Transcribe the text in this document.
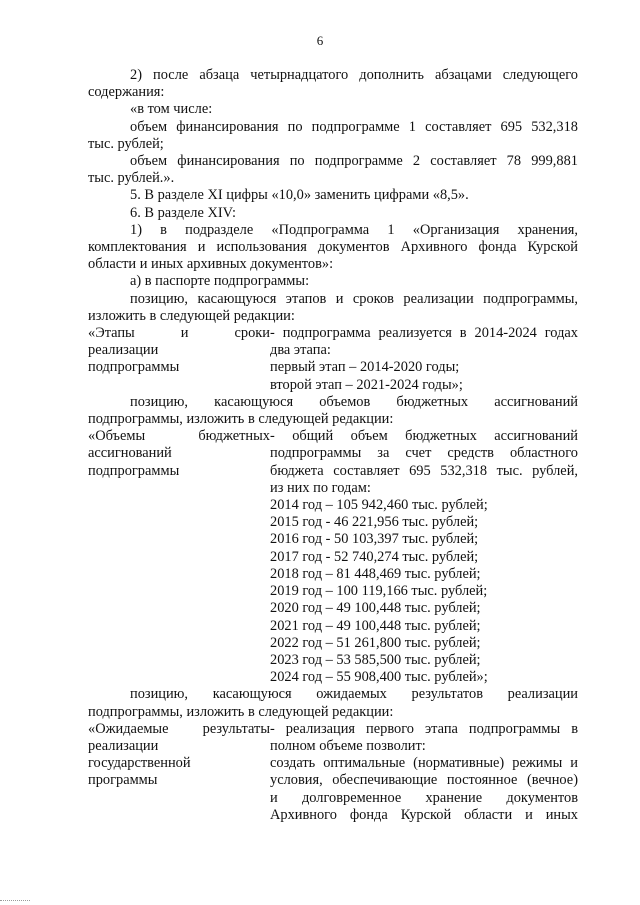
6

2) после абзаца четырнадцатого дополнить абзацами следующего

содержания:

«в том числе:

объем финансирования по подпрограмме 1 составляет 695 532,318

тыс. рублей;

объем финансирования по подпрограмме 2 составляет 78 999,881

тыс. рублей.».

5. В разделе XI цифры «10,0» заменить цифрами «8,5».

6. В разделе XIV:

1) в подразделе «Подпрограмма 1 «Организация хранения,

комплектования и использования документов Архивного фонда Курской

области и иных архивных документов»:

а) в паспорте подпрограммы:

позицию, касающуюся этапов и сроков реализации подпрограммы,

изложить в следующей редакции:

«Этапы и сроки

реализации

подпрограммы

- подпрограмма реализуется в 2014-2024 годах

два этапа:

первый этап – 2014-2020 годы;

второй этап – 2021-2024 годы»;

позицию, касающуюся объемов бюджетных ассигнований

подпрограммы, изложить в следующей редакции:

«Объемы бюджетных

ассигнований

подпрограммы

- общий объем бюджетных ассигнований

подпрограммы за счет средств областного

бюджета составляет 695 532,318 тыс. рублей,

из них по годам:

2014 год – 105 942,460 тыс. рублей;

2015 год - 46 221,956 тыс. рублей;

2016 год - 50 103,397 тыс. рублей;

2017 год - 52 740,274 тыс. рублей;

2018 год – 81 448,469 тыс. рублей;

2019 год – 100 119,166 тыс. рублей;

2020 год – 49 100,448 тыс. рублей;

2021 год – 49 100,448 тыс. рублей;

2022 год – 51 261,800 тыс. рублей;

2023 год – 53 585,500 тыс. рублей;

2024 год – 55 908,400 тыс. рублей»;

позицию, касающуюся ожидаемых результатов реализации

подпрограммы, изложить в следующей редакции:

«Ожидаемые результаты

реализации

государственной

программы

- реализация первого этапа подпрограммы в

полном объеме позволит:

создать оптимальные (нормативные) режимы и

условия, обеспечивающие постоянное (вечное)

и долговременное хранение документов

Архивного фонда Курской области и иных
